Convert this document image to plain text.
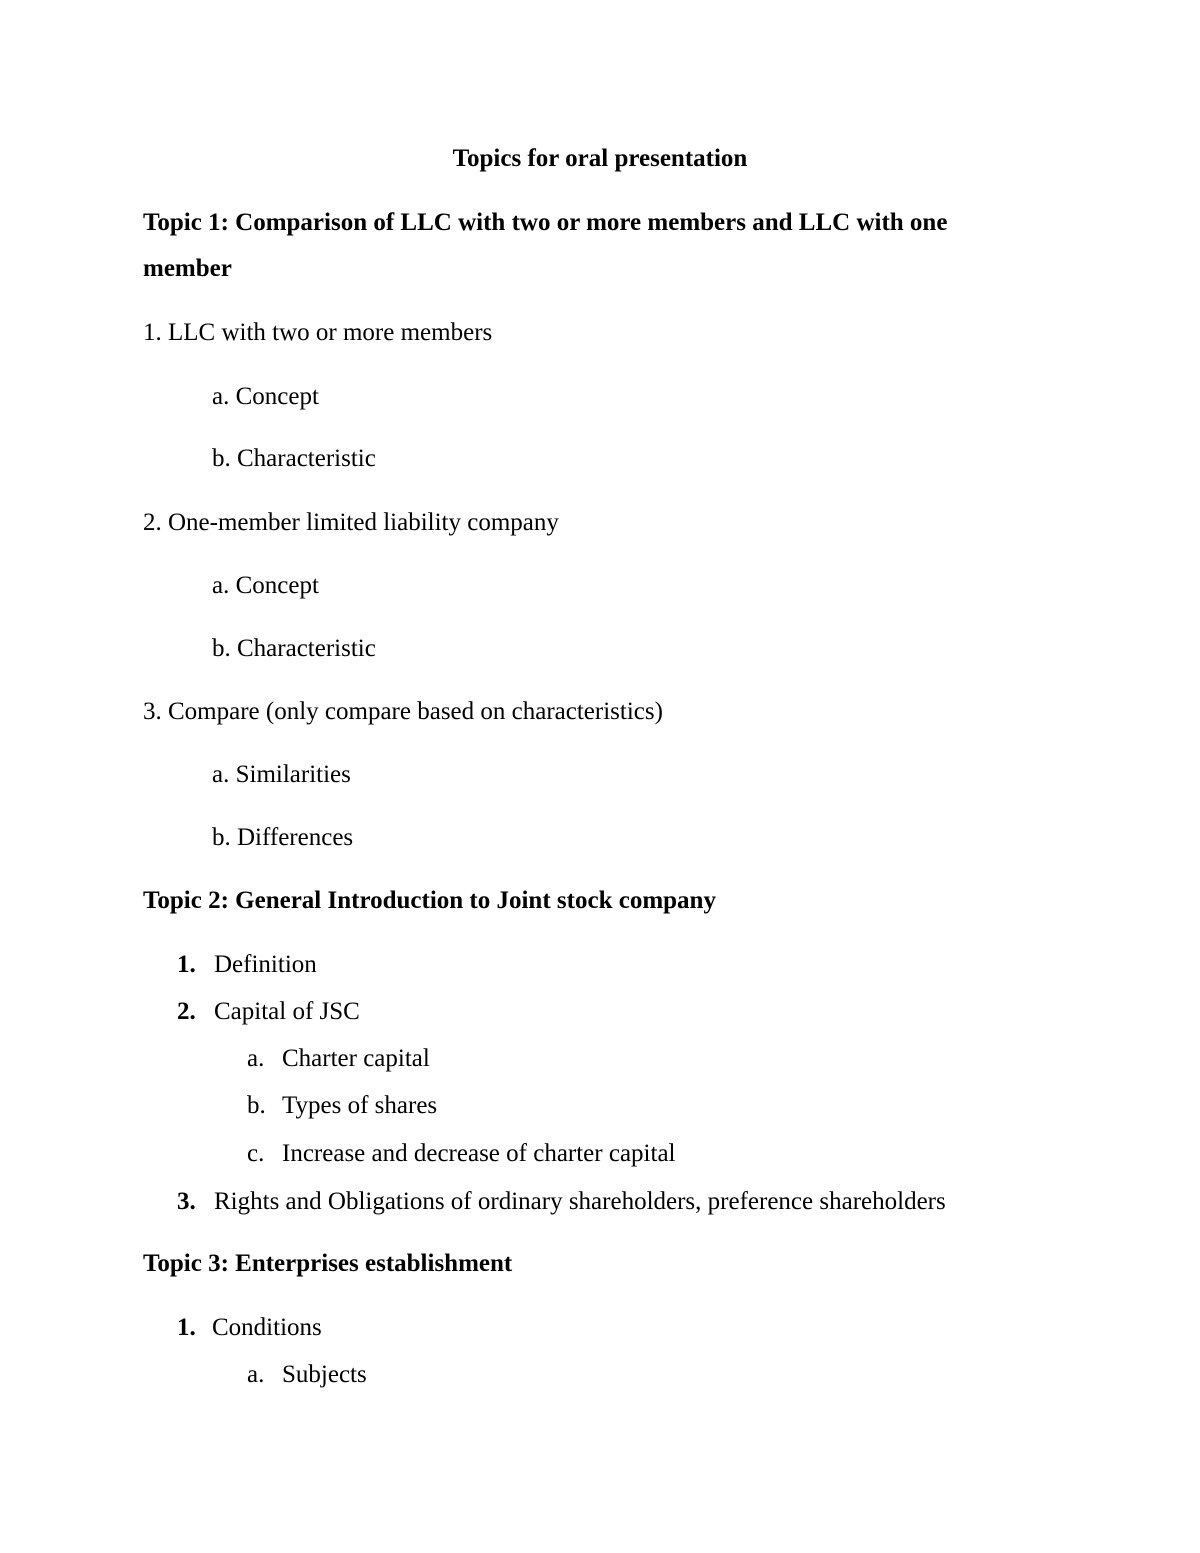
Topics for oral presentation
Topic 1: Comparison of LLC with two or more members and LLC with one
member
1. LLC with two or more members
a. Concept
b. Characteristic
2. One-member limited liability company
a. Concept
b. Characteristic
3. Compare (only compare based on characteristics)
a. Similarities
b. Differences
Topic 2: General Introduction to Joint stock company
1. Definition
2. Capital of JSC
a. Charter capital
b. Types of shares
c. Increase and decrease of charter capital
3. Rights and Obligations of ordinary shareholders, preference shareholders
Topic 3: Enterprises establishment
1. Conditions
a. Subjects
